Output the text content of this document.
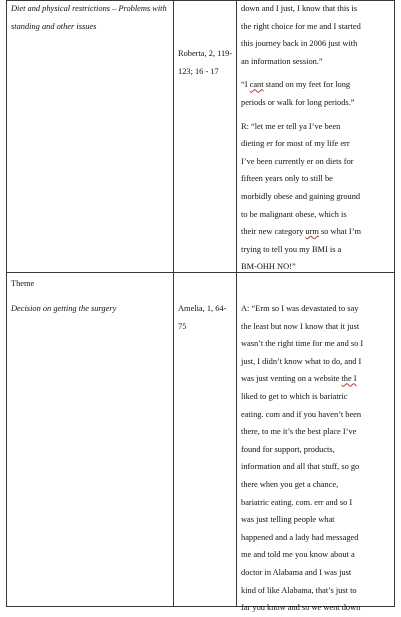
Diet and physical restrictions – Problems with standing and other issues

Roberta, 2, 119-123; 16 - 17

down and I just, I know that this is

the right choice for me and I started

this journey back in 2006 just with

an information session.”

“I cant stand on my feet for long

periods or walk for long periods.”

R: “let me er tell ya I’ve been

dieting er for most of my life err

I’ve been currently er on diets for

fifteen years only to still be

morbidly obese and gaining ground

to be malignant obese, which is

their new category urm so what I’m

trying to tell you my BMI is a

BM-OHH NO!”

Theme

Decision on getting the surgery	Amelia, 1, 64-75

A: “Erm so I was devastated to say

the least but now I know that it just

wasn’t the right time for me and so I

just, I didn’t know what to do, and I

was just venting on a website the I

liked to get to which is bariatric

eating. com and if you haven’t been

there, to me it’s the best place I’ve

found for support, products,

information and all that stuff, so go

there when you get a chance,

bariatric eating. com. err and so I

was just telling people what

happened and a lady had messaged

me and told me you know about a

doctor in Alabama and I was just

kind of like Alabama, that’s just to

far you know and so we went down
